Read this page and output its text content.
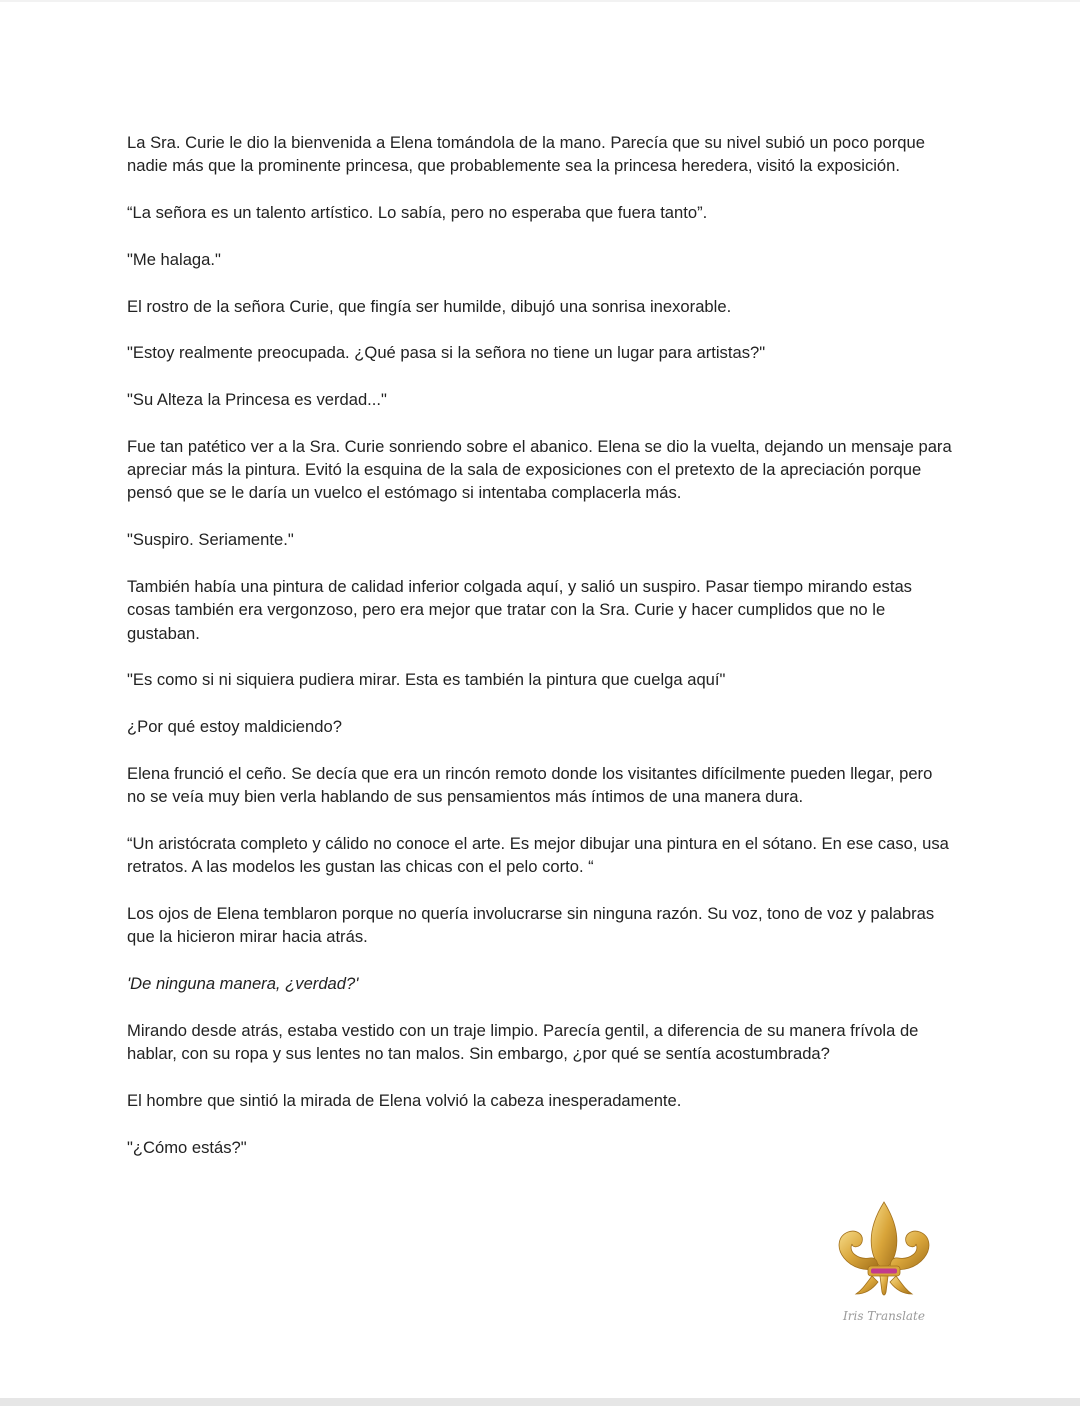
La Sra. Curie le dio la bienvenida a Elena tomándola de la mano. Parecía que su nivel subió un poco porque nadie más que la prominente princesa, que probablemente sea la princesa heredera, visitó la exposición.

“La señora es un talento artístico. Lo sabía, pero no esperaba que fuera tanto”.

"Me halaga."

El rostro de la señora Curie, que fingía ser humilde, dibujó una sonrisa inexorable.

"Estoy realmente preocupada. ¿Qué pasa si la señora no tiene un lugar para artistas?"

"Su Alteza la Princesa es verdad..."

Fue tan patético ver a la Sra. Curie sonriendo sobre el abanico. Elena se dio la vuelta, dejando un mensaje para apreciar más la pintura. Evitó la esquina de la sala de exposiciones con el pretexto de la apreciación porque pensó que se le daría un vuelco el estómago si intentaba complacerla más.

"Suspiro. Seriamente."

También había una pintura de calidad inferior colgada aquí, y salió un suspiro. Pasar tiempo mirando estas cosas también era vergonzoso, pero era mejor que tratar con la Sra. Curie y hacer cumplidos que no le gustaban.

"Es como si ni siquiera pudiera mirar. Esta es también la pintura que cuelga aquí"

¿Por qué estoy maldiciendo?

Elena frunció el ceño. Se decía que era un rincón remoto donde los visitantes difícilmente pueden llegar, pero no se veía muy bien verla hablando de sus pensamientos más íntimos de una manera dura.

“Un aristócrata completo y cálido no conoce el arte. Es mejor dibujar una pintura en el sótano. En ese caso, usa retratos. A las modelos les gustan las chicas con el pelo corto. “

Los ojos de Elena temblaron porque no quería involucrarse sin ninguna razón. Su voz, tono de voz y palabras que la hicieron mirar hacia atrás.

'De ninguna manera, ¿verdad?'

Mirando desde atrás, estaba vestido con un traje limpio. Parecía gentil, a diferencia de su manera frívola de hablar, con su ropa y sus lentes no tan malos. Sin embargo, ¿por qué se sentía acostumbrada?

El hombre que sintió la mirada de Elena volvió la cabeza inesperadamente.

"¿Cómo estás?"

Iris Translate
